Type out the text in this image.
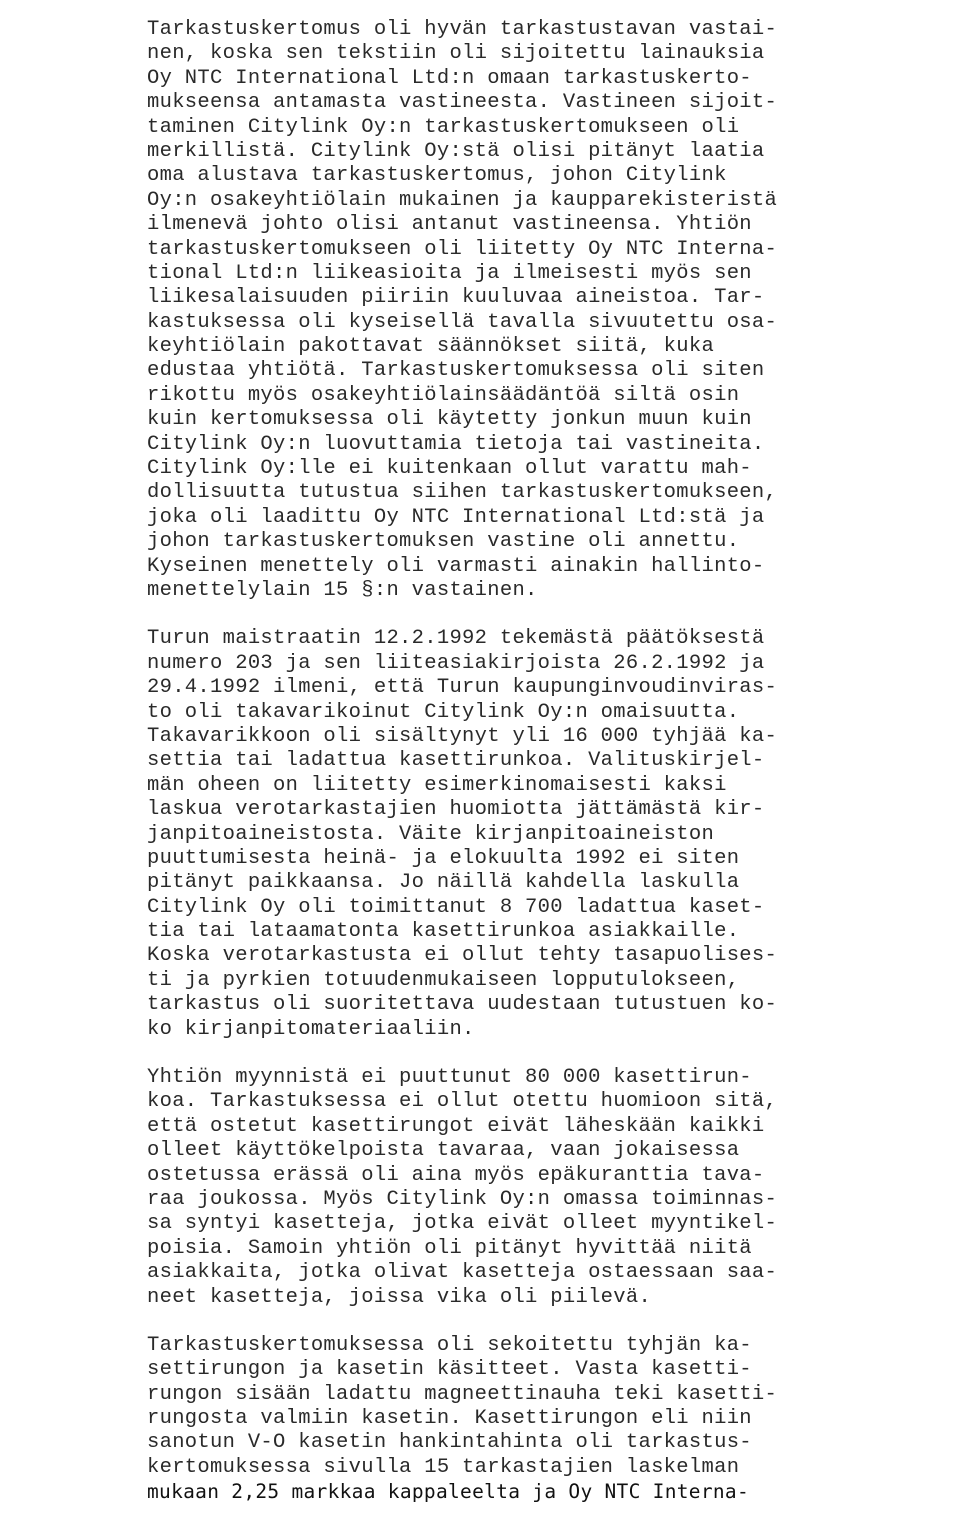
Tarkastuskertomus oli hyvän tarkastustavan vastai-
nen, koska sen tekstiin oli sijoitettu lainauksia
Oy NTC International Ltd:n omaan tarkastuskerto-
mukseensa antamasta vastineesta. Vastineen sijoit-
taminen Citylink Oy:n tarkastuskertomukseen oli
merkillistä. Citylink Oy:stä olisi pitänyt laatia
oma alustava tarkastuskertomus, johon Citylink
Oy:n osakeyhtiölain mukainen ja kaupparekisteristä
ilmenevä johto olisi antanut vastineensa. Yhtiön
tarkastuskertomukseen oli liitetty Oy NTC Interna-
tional Ltd:n liikeasioita ja ilmeisesti myös sen
liikesalaisuuden piiriin kuuluvaa aineistoa. Tar-
kastuksessa oli kyseisellä tavalla sivuutettu osa-
keyhtiölain pakottavat säännökset siitä, kuka
edustaa yhtiötä. Tarkastuskertomuksessa oli siten
rikottu myös osakeyhtiölainsäädäntöä siltä osin
kuin kertomuksessa oli käytetty jonkun muun kuin
Citylink Oy:n luovuttamia tietoja tai vastineita.
Citylink Oy:lle ei kuitenkaan ollut varattu mah-
dollisuutta tutustua siihen tarkastuskertomukseen,
joka oli laadittu Oy NTC International Ltd:stä ja
johon tarkastuskertomuksen vastine oli annettu.
Kyseinen menettely oli varmasti ainakin hallinto-
menettelylain 15 §:n vastainen.
Turun maistraatin 12.2.1992 tekemästä päätöksestä
numero 203 ja sen liiteasiakirjoista 26.2.1992 ja
29.4.1992 ilmeni, että Turun kaupunginvoudinviras-
to oli takavarikoinut Citylink Oy:n omaisuutta.
Takavarikkoon oli sisältynyt yli 16 000 tyhjää ka-
settia tai ladattua kasettirunkoa. Valituskirjel-
män oheen on liitetty esimerkinomaisesti kaksi
laskua verotarkastajien huomiotta jättämästä kir-
janpitoaineistosta. Väite kirjanpitoaineiston
puuttumisesta heinä- ja elokuulta 1992 ei siten
pitänyt paikkaansa. Jo näillä kahdella laskulla
Citylink Oy oli toimittanut 8 700 ladattua kaset-
tia tai lataamatonta kasettirunkoa asiakkaille.
Koska verotarkastusta ei ollut tehty tasapuolises-
ti ja pyrkien totuudenmukaiseen lopputulokseen,
tarkastus oli suoritettava uudestaan tutustuen ko-
ko kirjanpitomateriaaliin.
Yhtiön myynnistä ei puuttunut 80 000 kasettirun-
koa. Tarkastuksessa ei ollut otettu huomioon sitä,
että ostetut kasettirungot eivät läheskään kaikki
olleet käyttökelpoista tavaraa, vaan jokaisessa
ostetussa erässä oli aina myös epäkuranttia tava-
raa joukossa. Myös Citylink Oy:n omassa toiminnas-
sa syntyi kasetteja, jotka eivät olleet myyntikel-
poisia. Samoin yhtiön oli pitänyt hyvittää niitä
asiakkaita, jotka olivat kasetteja ostaessaan saa-
neet kasetteja, joissa vika oli piilevä.
Tarkastuskertomuksessa oli sekoitettu tyhjän ka-
settirungon ja kasetin käsitteet. Vasta kasetti-
rungon sisään ladattu magneettinauha teki kasetti-
rungosta valmiin kasetin. Kasettirungon eli niin
sanotun V-O kasetin hankintahinta oli tarkastus-
kertomuksessa sivulla 15 tarkastajien laskelman
mukaan 2,25 markkaa kappaleelta ja Oy NTC Interna-
